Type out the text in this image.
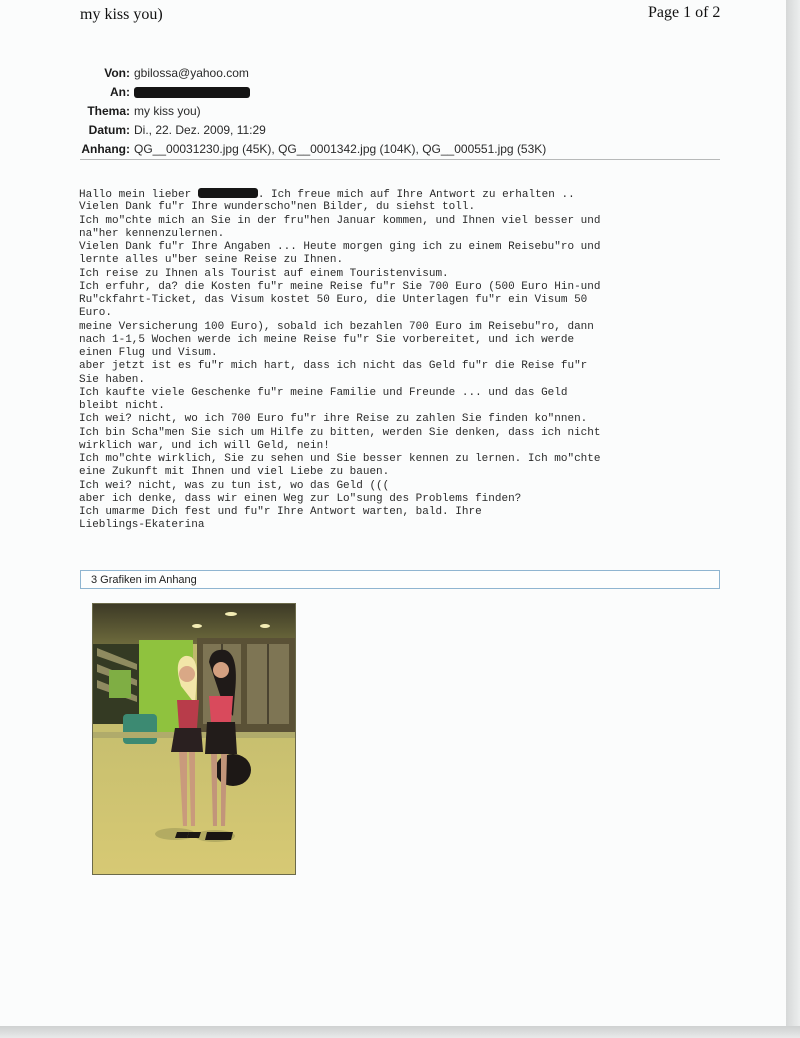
my kiss you)	Page 1 of 2
Von: gbilossa@yahoo.com
An:
Thema: my kiss you)
Datum: Di., 22. Dez. 2009, 11:29
Anhang: QG__00031230.jpg (45K), QG__0001342.jpg (104K), QG__000551.jpg (53K)
Hallo mein lieber	. Ich freue mich auf Ihre Antwort zu erhalten ..
Vielen Dank fu"r Ihre wunderscho"nen Bilder, du siehst toll.
Ich mo"chte mich an Sie in der fru"hen Januar kommen, und Ihnen viel besser und
na"her kennenzulernen.
Vielen Dank fu"r Ihre Angaben ... Heute morgen ging ich zu einem Reisebu"ro und
lernte alles u"ber seine Reise zu Ihnen.
Ich reise zu Ihnen als Tourist auf einem Touristenvisum.
Ich erfuhr, da? die Kosten fu"r meine Reise fu"r Sie 700 Euro (500 Euro Hin-und
Ru"ckfahrt-Ticket, das Visum kostet 50 Euro, die Unterlagen fu"r ein Visum 50
Euro.
meine Versicherung 100 Euro), sobald ich bezahlen 700 Euro im Reisebu"ro, dann
nach 1-1,5 Wochen werde ich meine Reise fu"r Sie vorbereitet, und ich werde
einen Flug und Visum.
aber jetzt ist es fu"r mich hart, dass ich nicht das Geld fu"r die Reise fu"r
Sie haben.
Ich kaufte viele Geschenke fu"r meine Familie und Freunde ... und das Geld
bleibt nicht.
Ich wei? nicht, wo ich 700 Euro fu"r ihre Reise zu zahlen Sie finden ko"nnen.
Ich bin Scha"men Sie sich um Hilfe zu bitten, werden Sie denken, dass ich nicht
wirklich war, und ich will Geld, nein!
Ich mo"chte wirklich, Sie zu sehen und Sie besser kennen zu lernen. Ich mo"chte
eine Zukunft mit Ihnen und viel Liebe zu bauen.
Ich wei? nicht, was zu tun ist, wo das Geld (((
aber ich denke, dass wir einen Weg zur Lo"sung des Problems finden?
Ich umarme Dich fest und fu"r Ihre Antwort warten, bald. Ihre
Lieblings-Ekaterina
3 Grafiken im Anhang
